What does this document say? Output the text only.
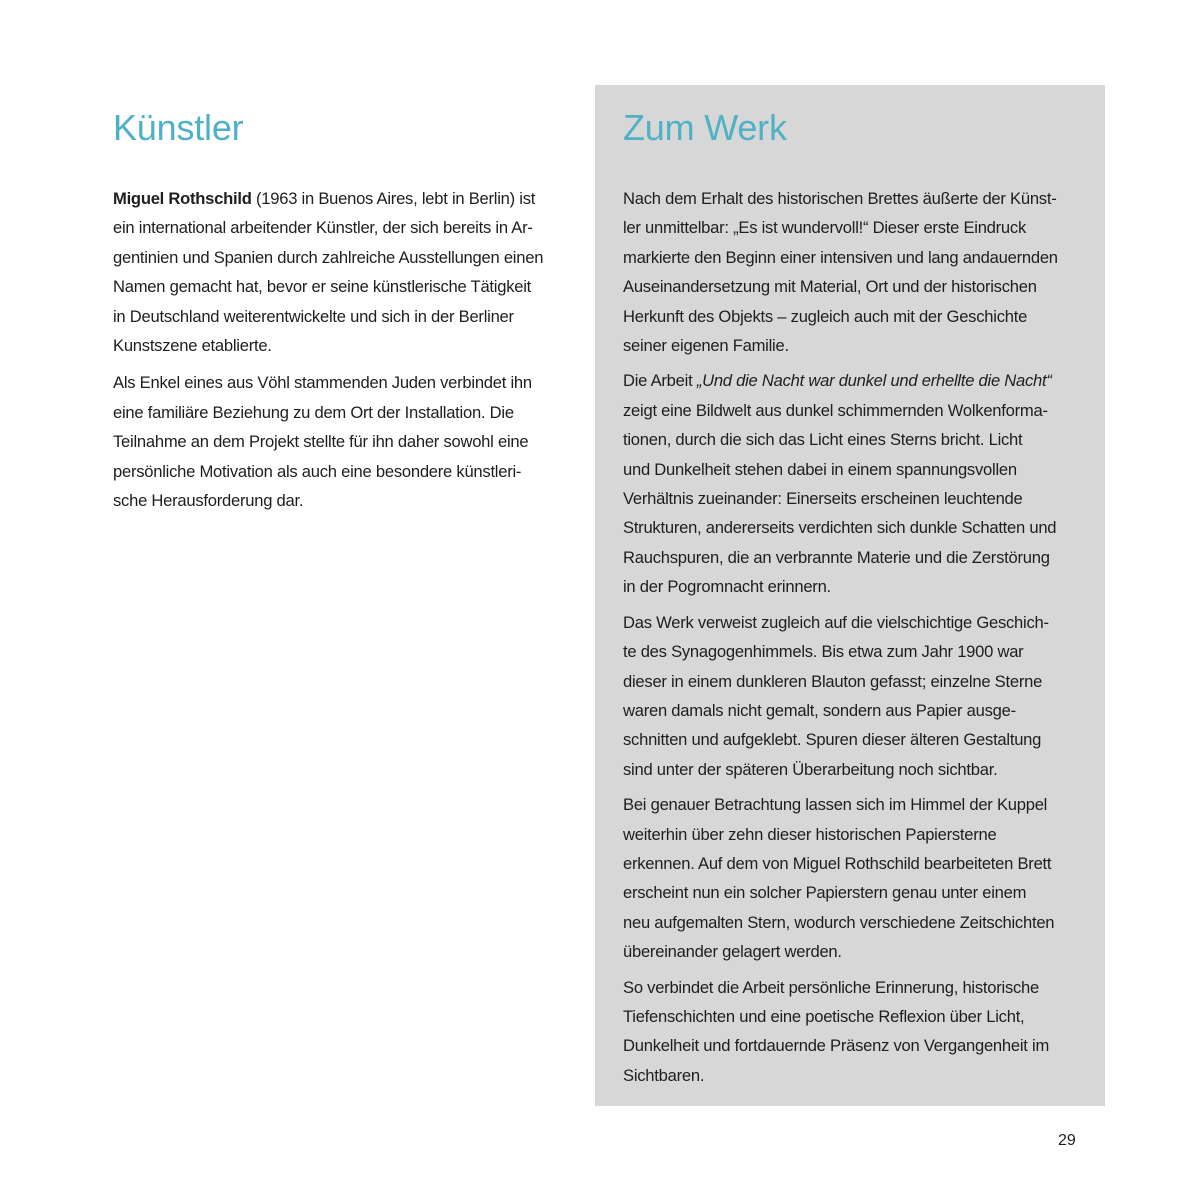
Künstler

Miguel Rothschild (1963 in Buenos Aires, lebt in Berlin) ist
ein international arbeitender Künstler, der sich bereits in Ar-
gentinien und Spanien durch zahlreiche Ausstellungen einen
Namen gemacht hat, bevor er seine künstlerische Tätigkeit
in Deutschland weiterentwickelte und sich in der Berliner
Kunstszene etablierte.

Als Enkel eines aus Vöhl stammenden Juden verbindet ihn
eine familiäre Beziehung zu dem Ort der Installation. Die
Teilnahme an dem Projekt stellte für ihn daher sowohl eine
persönliche Motivation als auch eine besondere künstleri-
sche Herausforderung dar.

Zum Werk

Nach dem Erhalt des historischen Brettes äußerte der Künst-
ler unmittelbar: „Es ist wundervoll!“ Dieser erste Eindruck
markierte den Beginn einer intensiven und lang andauernden
Auseinandersetzung mit Material, Ort und der historischen
Herkunft des Objekts – zugleich auch mit der Geschichte
seiner eigenen Familie.

Die Arbeit „Und die Nacht war dunkel und erhellte die Nacht“
zeigt eine Bildwelt aus dunkel schimmernden Wolkenforma-
tionen, durch die sich das Licht eines Sterns bricht. Licht
und Dunkelheit stehen dabei in einem spannungsvollen
Verhältnis zueinander: Einerseits erscheinen leuchtende
Strukturen, andererseits verdichten sich dunkle Schatten und
Rauchspuren, die an verbrannte Materie und die Zerstörung
in der Pogromnacht erinnern.

Das Werk verweist zugleich auf die vielschichtige Geschich-
te des Synagogenhimmels. Bis etwa zum Jahr 1900 war
dieser in einem dunkleren Blauton gefasst; einzelne Sterne
waren damals nicht gemalt, sondern aus Papier ausge-
schnitten und aufgeklebt. Spuren dieser älteren Gestaltung
sind unter der späteren Überarbeitung noch sichtbar.

Bei genauer Betrachtung lassen sich im Himmel der Kuppel
weiterhin über zehn dieser historischen Papiersterne
erkennen. Auf dem von Miguel Rothschild bearbeiteten Brett
erscheint nun ein solcher Papierstern genau unter einem
neu aufgemalten Stern, wodurch verschiedene Zeitschichten
übereinander gelagert werden.

So verbindet die Arbeit persönliche Erinnerung, historische
Tiefenschichten und eine poetische Reflexion über Licht,
Dunkelheit und fortdauernde Präsenz von Vergangenheit im
Sichtbaren.

29
